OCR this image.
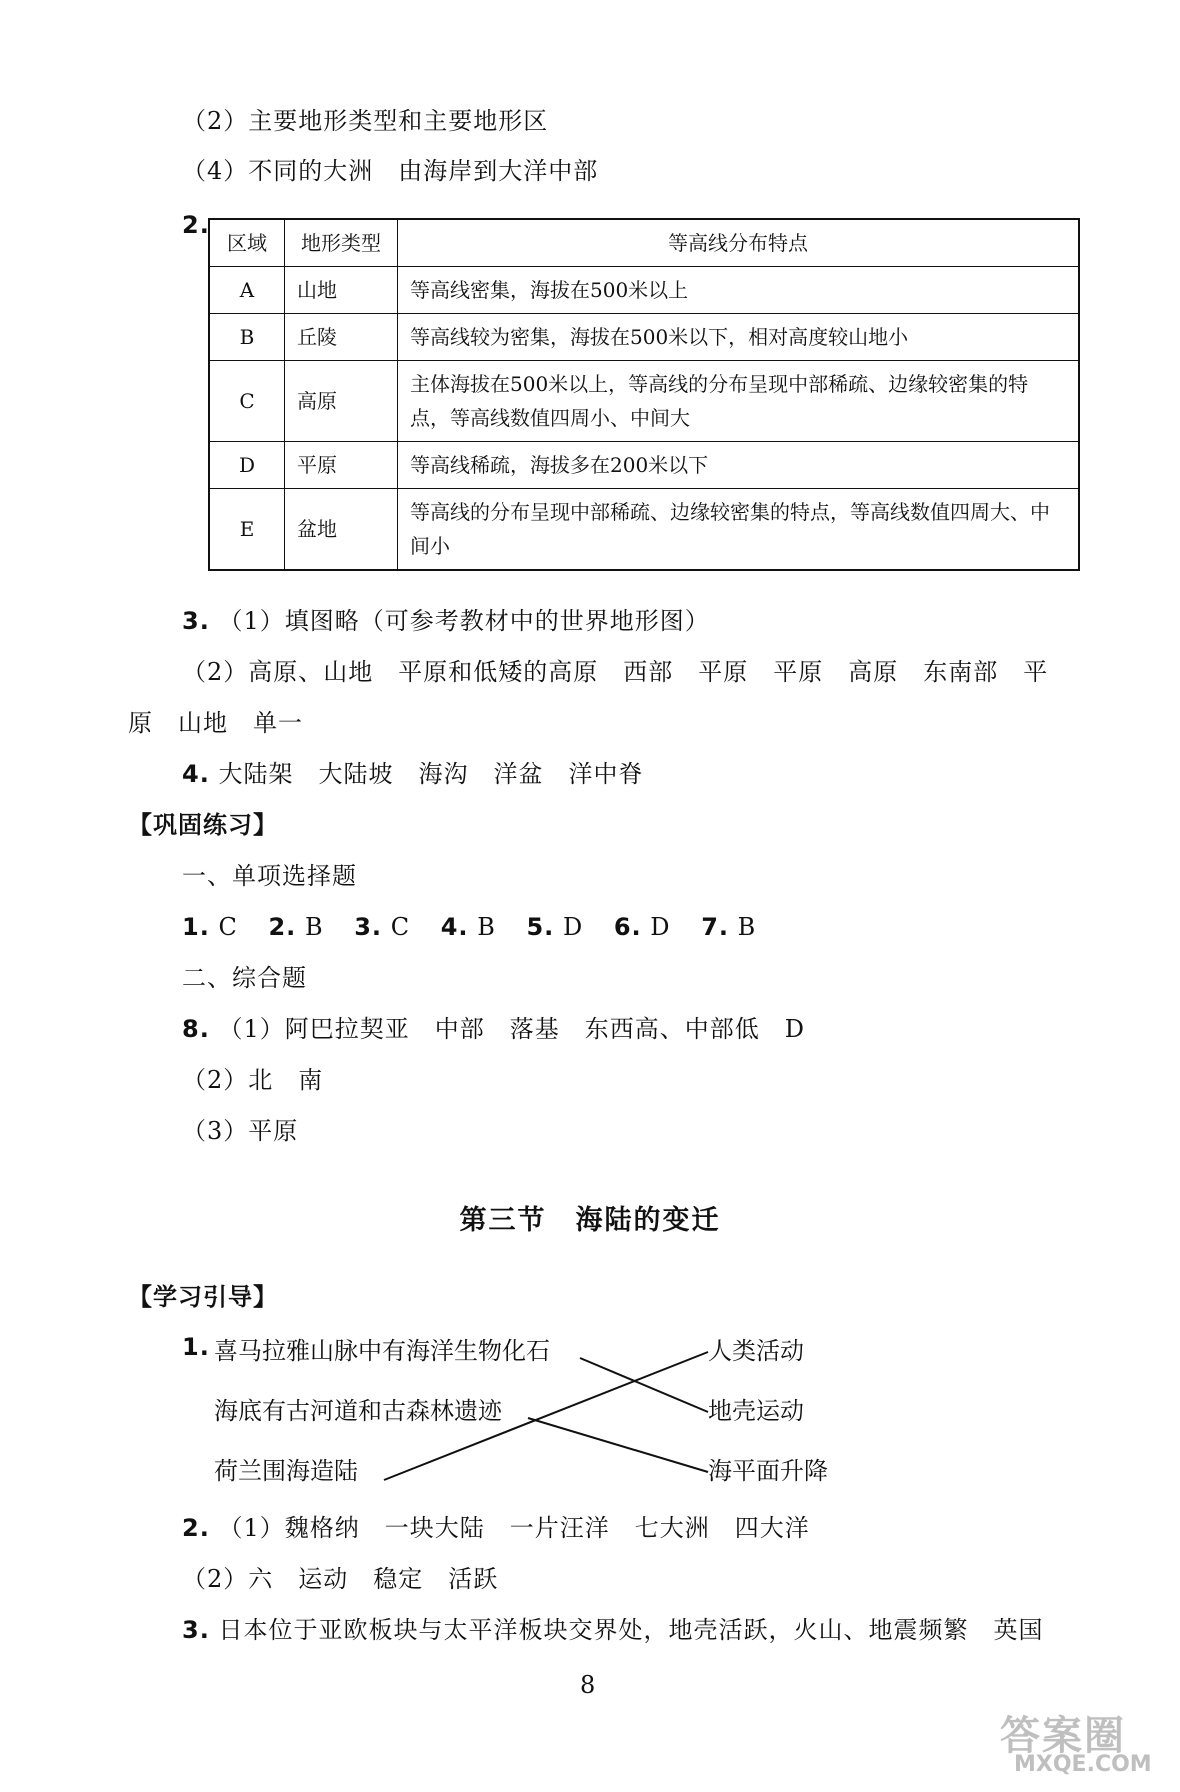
（2）主要地形类型和主要地形区
（4）不同的大洲　由海岸到大洋中部
2.
区域	地形类型	等高线分布特点
A	山地	等高线密集，海拔在500米以上
B	丘陵	等高线较为密集，海拔在500米以下，相对高度较山地小
C	高原	主体海拔在500米以上，等高线的分布呈现中部稀疏、边缘较密集的特点，等高线数值四周小、中间大
D	平原	等高线稀疏，海拔多在200米以下
E	盆地	等高线的分布呈现中部稀疏、边缘较密集的特点，等高线数值四周大、中间小
3. （1）填图略（可参考教材中的世界地形图）
（2）高原、山地　平原和低矮的高原　西部　平原　平原　高原　东南部　平
原　山地　单一
4. 大陆架　大陆坡　海沟　洋盆　洋中脊
【巩固练习】
一、单项选择题
1. C 2. B 3. C 4. B 5. D 6. D 7. B
二、综合题
8. （1）阿巴拉契亚　中部　落基　东西高、中部低　D
（2）北　南
（3）平原
第三节　海陆的变迁
【学习引导】
1. 喜马拉雅山脉中有海洋生物化石
海底有古河道和古森林遗迹
荷兰围海造陆
人类活动
地壳运动
海平面升降
2. （1）魏格纳　一块大陆　一片汪洋　七大洲　四大洋
（2）六　运动　稳定　活跃
3. 日本位于亚欧板块与太平洋板块交界处，地壳活跃，火山、地震频繁　英国
8
答案圈
MXQE.COM
